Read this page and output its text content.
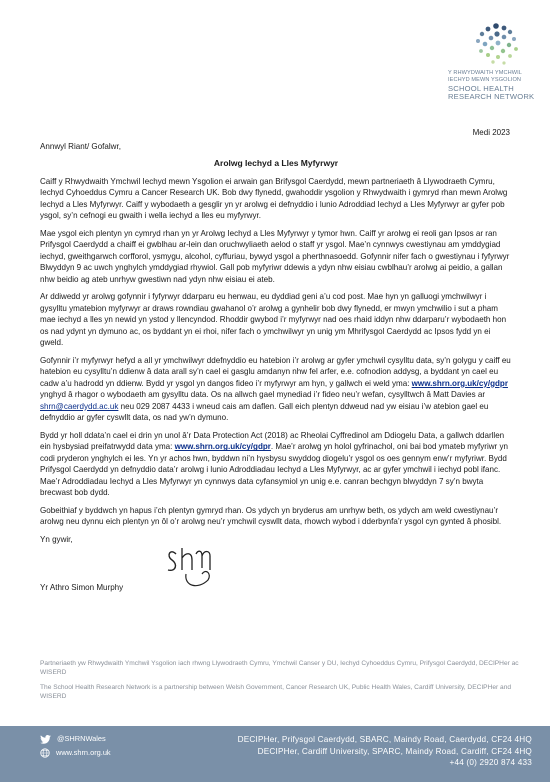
Y RHWYDWAITH YMCHWIL
IECHYD MEWN YSGOLION
SCHOOL HEALTH
RESEARCH NETWORK
Medi 2023

Annwyl Riant/ Gofalwr,

Arolwg Iechyd a Lles Myfyrwyr

Caiff y Rhwydwaith Ymchwil Iechyd mewn Ysgolion ei arwain gan Brifysgol Caerdydd, mewn partneriaeth â Llywodraeth Cymru, Iechyd Cyhoeddus Cymru a Cancer Research UK. Bob dwy flynedd, gwahoddir ysgolion y Rhwydwaith i gymryd rhan mewn Arolwg Iechyd a Lles Myfyrwyr. Caiff y wybodaeth a gesglir yn yr arolwg ei defnyddio i lunio Adroddiad Iechyd a Lles Myfyrwyr ar gyfer pob ysgol, sy’n cefnogi eu gwaith i wella iechyd a lles eu myfyrwyr.

Mae ysgol eich plentyn yn cymryd rhan yn yr Arolwg Iechyd a Lles Myfyrwyr y tymor hwn. Caiff yr arolwg ei reoli gan Ipsos ar ran Prifysgol Caerdydd a chaiff ei gwblhau ar-lein dan oruchwyliaeth aelod o staff yr ysgol. Mae’n cynnwys cwestiynau am ymddygiad iechyd, gweithgarwch corfforol, ysmygu, alcohol, cyffuriau, bywyd ysgol a pherthnasoedd. Gofynnir nifer fach o gwestiynau i fyfyrwyr Blwyddyn 9 ac uwch ynghylch ymddygiad rhywiol. Gall pob myfyriwr ddewis a ydyn nhw eisiau cwblhau’r arolwg ai peidio, a gallan nhw beidio ag ateb unrhyw gwestiwn nad ydyn nhw eisiau ei ateb.

Ar ddiwedd yr arolwg gofynnir i fyfyrwyr ddarparu eu henwau, eu dyddiad geni a’u cod post. Mae hyn yn galluogi ymchwilwyr i gysylltu ymatebion myfyrwyr ar draws rowndiau gwahanol o’r arolwg a gynhelir bob dwy flynedd, er mwyn ymchwilio i sut a pham mae iechyd a lles yn newid yn ystod y llencyndod. Rhoddir gwybod i’r myfyrwyr nad oes rhaid iddyn nhw ddarparu’r wybodaeth hon os nad ydynt yn dymuno ac, os byddant yn ei rhoi, nifer fach o ymchwilwyr yn unig ym Mhrifysgol Caerdydd ac Ipsos fydd yn ei gweld.

Gofynnir i’r myfyrwyr hefyd a all yr ymchwilwyr ddefnyddio eu hatebion i’r arolwg ar gyfer ymchwil cysylltu data, sy’n golygu y caiff eu hatebion eu cysylltu’n ddienw â data arall sy’n cael ei gasglu amdanyn nhw fel arfer, e.e. cofnodion addysg, a byddant yn cael eu cadw a’u hadrodd yn ddienw. Bydd yr ysgol yn dangos fideo i’r myfyrwyr am hyn, y gallwch ei weld yma: www.shrn.org.uk/cy/gdpr ynghyd â rhagor o wybodaeth am gysylltu data. Os na allwch gael mynediad i’r fideo neu’r wefan, cysylltwch â Matt Davies ar shrn@caerdydd.ac.uk neu 029 2087 4433 i wneud cais am daflen. Gall eich plentyn ddweud nad yw eisiau i’w atebion gael eu defnyddio ar gyfer cyswllt data, os nad yw’n dymuno.

Bydd yr holl ddata’n cael ei drin yn unol â’r Data Protection Act (2018) ac Rheolai Cyffredinol am Ddiogelu Data, a gallwch ddarllen ein hysbysiad preifatrwydd data yma: www.shrn.org.uk/cy/gdpr. Mae’r arolwg yn holol gyfrinachol, oni bai bod ymateb myfyriwr yn codi pryderon ynghylch ei les. Yn yr achos hwn, byddwn ni’n hysbysu swyddog diogelu’r ysgol os oes gennym enw’r myfyriwr. Bydd Prifysgol Caerdydd yn defnyddio data’r arolwg i lunio Adroddiadau Iechyd a Lles Myfyrwyr, ac ar gyfer ymchwil i iechyd pobl ifanc. Mae’r Adroddiadau Iechyd a Lles Myfyrwyr yn cynnwys data cyfansymiol yn unig e.e. canran bechgyn blwyddyn 7 sy’n bwyta brecwast bob dydd.

Gobeithiaf y byddwch yn hapus i’ch plentyn gymryd rhan. Os ydych yn bryderus am unrhyw beth, os ydych am weld cwestiynau’r arolwg neu dynnu eich plentyn yn ôl o’r arolwg neu’r ymchwil cyswllt data, rhowch wybod i dderbynfa’r ysgol cyn gynted â phosibl.

Yn gywir,

Yr Athro Simon Murphy

Partneriaeth yw Rhwydwaith Ymchwil Ysgolion iach rhwng Llywodraeth Cymru, Ymchwil Canser y DU, Iechyd Cyhoeddus Cymru, Prifysgol Caerdydd, DECIPHer ac WISERD

The School Health Research Network is a partnership between Welsh Government, Cancer Research UK, Public Health Wales, Cardiff University, DECIPHer and WISERD

@SHRNWales
www.shrn.org.uk
DECIPHer, Prifysgol Caerdydd, SBARC, Maindy Road, Caerdydd, CF24 4HQ
DECIPHer, Cardiff University, SPARC, Maindy Road, Cardiff, CF24 4HQ
+44 (0) 2920 874 433
